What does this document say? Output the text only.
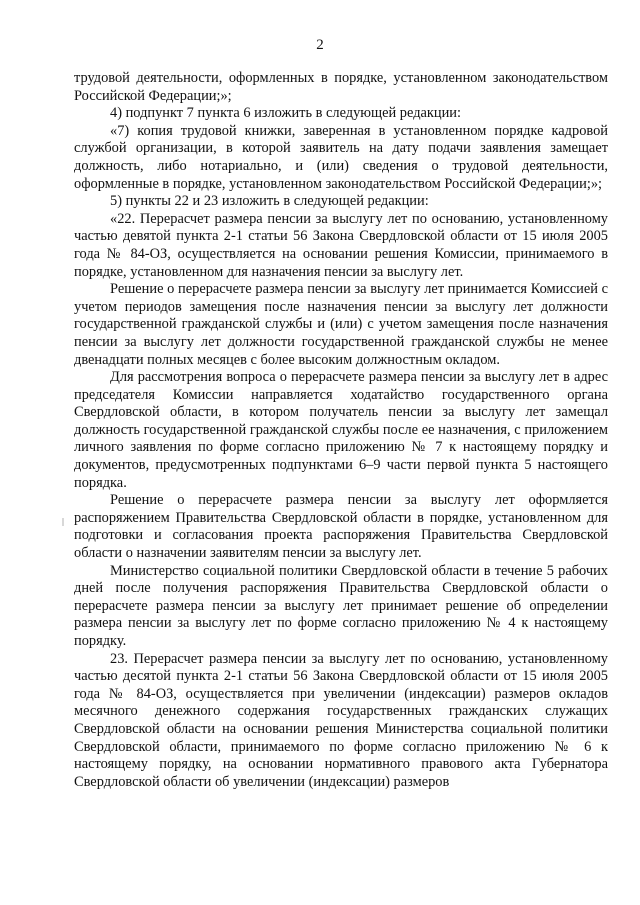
2

трудовой деятельности, оформленных в порядке, установленном законодательством Российской Федерации;»;

4) подпункт 7 пункта 6 изложить в следующей редакции:

«7) копия трудовой книжки, заверенная в установленном порядке кадровой службой организации, в которой заявитель на дату подачи заявления замещает должность, либо нотариально, и (или) сведения о трудовой деятельности, оформленные в порядке, установленном законодательством Российской Федерации;»;

5) пункты 22 и 23 изложить в следующей редакции:

«22. Перерасчет размера пенсии за выслугу лет по основанию, установленному частью девятой пункта 2-1 статьи 56 Закона Свердловской области от 15 июля 2005 года № 84-ОЗ, осуществляется на основании решения Комиссии, принимаемого в порядке, установленном для назначения пенсии за выслугу лет.

Решение о перерасчете размера пенсии за выслугу лет принимается Комиссией с учетом периодов замещения после назначения пенсии за выслугу лет должности государственной гражданской службы и (или) с учетом замещения после назначения пенсии за выслугу лет должности государственной гражданской службы не менее двенадцати полных месяцев с более высоким должностным окладом.

Для рассмотрения вопроса о перерасчете размера пенсии за выслугу лет в адрес председателя Комиссии направляется ходатайство государственного органа Свердловской области, в котором получатель пенсии за выслугу лет замещал должность государственной гражданской службы после ее назначения, с приложением личного заявления по форме согласно приложению № 7 к настоящему порядку и документов, предусмотренных подпунктами 6–9 части первой пункта 5 настоящего порядка.

Решение о перерасчете размера пенсии за выслугу лет оформляется распоряжением Правительства Свердловской области в порядке, установленном для подготовки и согласования проекта распоряжения Правительства Свердловской области о назначении заявителям пенсии за выслугу лет.

Министерство социальной политики Свердловской области в течение 5 рабочих дней после получения распоряжения Правительства Свердловской области о перерасчете размера пенсии за выслугу лет принимает решение об определении размера пенсии за выслугу лет по форме согласно приложению № 4 к настоящему порядку.

23. Перерасчет размера пенсии за выслугу лет по основанию, установленному частью десятой пункта 2-1 статьи 56 Закона Свердловской области от 15 июля 2005 года № 84-ОЗ, осуществляется при увеличении (индексации) размеров окладов месячного денежного содержания государственных гражданских служащих Свердловской области на основании решения Министерства социальной политики Свердловской области, принимаемого по форме согласно приложению № 6 к настоящему порядку, на основании нормативного правового акта Губернатора Свердловской области об увеличении (индексации) размеров
